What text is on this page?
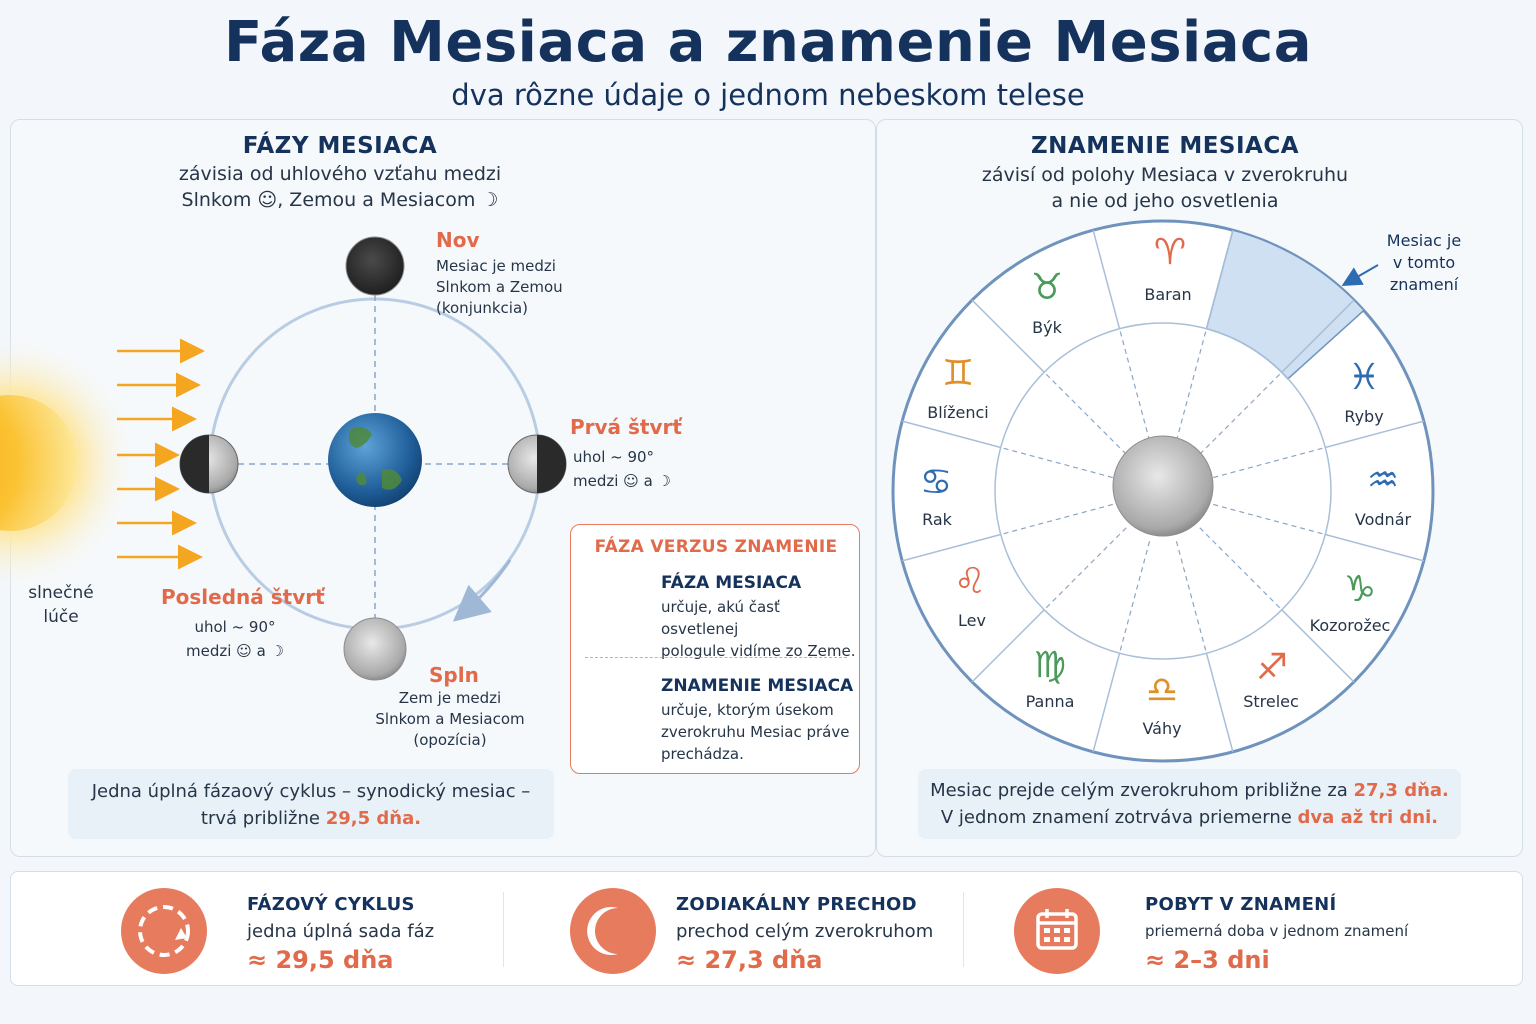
Fáza Mesiaca a znamenie Mesiaca
dva rôzne údaje o jednom nebeskom telese
FÁZY MESIACA
závisia od uhlového vzťahu medzi
Slnkom ☺, Zemou a Mesiacom ☽
slnečné
lúče
Nov
Mesiac je medzi
Slnkom a Zemou
(konjunkcia)
Prvá štvrť
uhol ~ 90°
medzi ☺ a ☽
Posledná štvrť
uhol ~ 90°
medzi ☺ a ☽
Spln
Zem je medzi
Slnkom a Mesiacom
(opozícia)
Jedna úplná fázaový cyklus – synodický mesiac –
trvá približne 29,5 dňa.
FÁZA VERZUS ZNAMENIE
FÁZA MESIACA
určuje, akú časť osvetlenej
pologule vidíme zo Zeme.
ZNAMENIE MESIACA
určuje, ktorým úsekom
zverokruhu Mesiac práve
prechádza.
ZNAMENIE MESIACA
závisí od polohy Mesiaca v zverokruhu
a nie od jeho osvetlenia
Mesiac je
v tomto
znamení
♈
Baran
♉
Býk
♊
Blíženci
♋
Rak
♌
Lev
♍
Panna	♎
Váhy
♐
Strelec
♑
Kozorožec
♒
Vodnár
♓
Ryby
Mesiac prejde celým zverokruhom približne za 27,3 dňa.
V jednom znamení zotrváva priemerne dva až tri dni.
FÁZOVÝ CYKLUS
jedna úplná sada fáz
≈ 29,5 dňa
ZODIAKÁLNY PRECHOD
prechod celým zverokruhom
≈ 27,3 dňa
POBYT V ZNAMENÍ
priemerná doba v jednom znamení
≈ 2–3 dni
